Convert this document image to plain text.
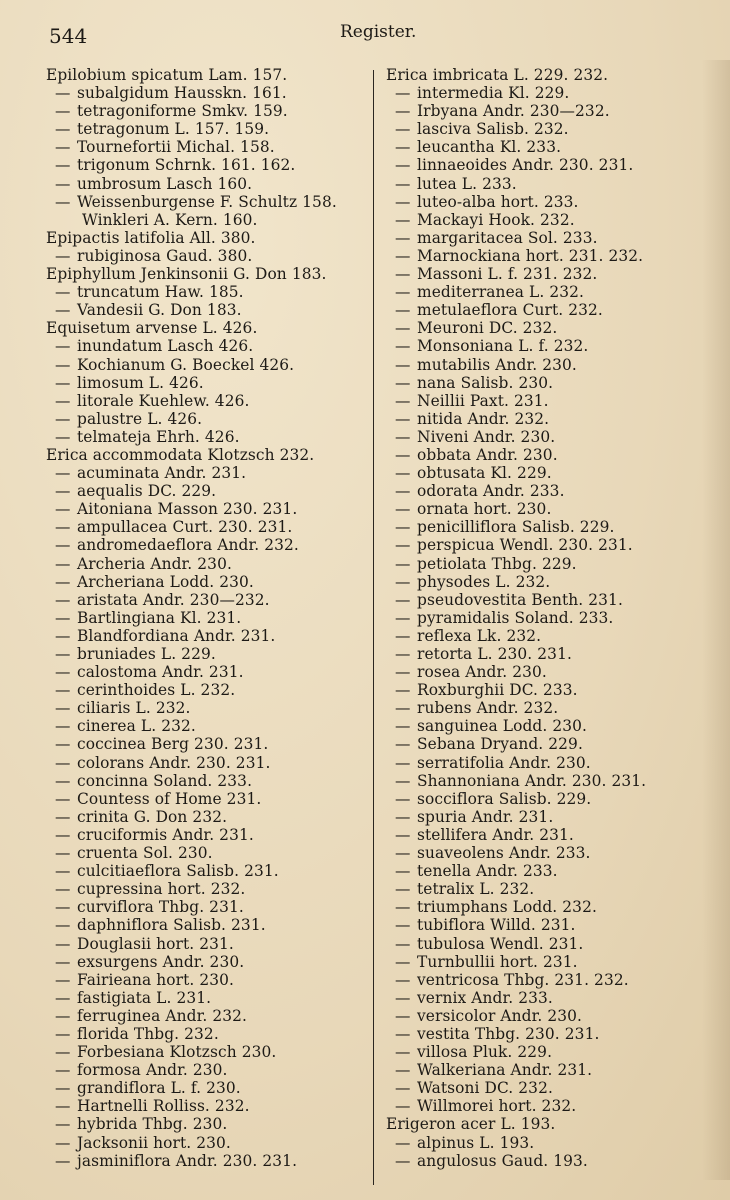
544	Register.
Epilobium spicatum Lam. 157.
— subalgidum Hausskn. 161.
— tetragoniforme Smkv. 159.
— tetragonum L. 157. 159.
— Tournefortii Michal. 158.
— trigonum Schrnk. 161. 162.
— umbrosum Lasch 160.
— Weissenburgense F. Schultz 158.
Winkleri A. Kern. 160.
Epipactis latifolia All. 380.
— rubiginosa Gaud. 380.
Epiphyllum Jenkinsonii G. Don 183.
— truncatum Haw. 185.
— Vandesii G. Don 183.
Equisetum arvense L. 426.
— inundatum Lasch 426.
— Kochianum G. Boeckel 426.
— limosum L. 426.
— litorale Kuehlew. 426.
— palustre L. 426.
— telmateja Ehrh. 426.
Erica accommodata Klotzsch 232.
— acuminata Andr. 231.
— aequalis DC. 229.
— Aitoniana Masson 230. 231.
— ampullacea Curt. 230. 231.
— andromedaeflora Andr. 232.
— Archeria Andr. 230.
— Archeriana Lodd. 230.
— aristata Andr. 230—232.
— Bartlingiana Kl. 231.
— Blandfordiana Andr. 231.
— bruniades L. 229.
— calostoma Andr. 231.
— cerinthoides L. 232.
— ciliaris L. 232.
— cinerea L. 232.
— coccinea Berg 230. 231.
— colorans Andr. 230. 231.
— concinna Soland. 233.
— Countess of Home 231.
— crinita G. Don 232.
— cruciformis Andr. 231.
— cruenta Sol. 230.
— culcitiaeflora Salisb. 231.
— cupressina hort. 232.
— curviflora Thbg. 231.
— daphniflora Salisb. 231.
— Douglasii hort. 231.
— exsurgens Andr. 230.
— Fairieana hort. 230.
— fastigiata L. 231.
— ferruginea Andr. 232.
— florida Thbg. 232.
— Forbesiana Klotzsch 230.
— formosa Andr. 230.
— grandiflora L. f. 230.
— Hartnelli Rolliss. 232.
— hybrida Thbg. 230.
— Jacksonii hort. 230.
— jasminiflora Andr. 230. 231.
Erica imbricata L. 229. 232.
— intermedia Kl. 229.
— Irbyana Andr. 230—232.
— lasciva Salisb. 232.
— leucantha Kl. 233.
— linnaeoides Andr. 230. 231.
— lutea L. 233.
— luteo-alba hort. 233.
— Mackayi Hook. 232.
— margaritacea Sol. 233.
— Marnockiana hort. 231. 232.
— Massoni L. f. 231. 232.
— mediterranea L. 232.
— metulaeflora Curt. 232.
— Meuroni DC. 232.
— Monsoniana L. f. 232.
— mutabilis Andr. 230.
— nana Salisb. 230.
— Neillii Paxt. 231.
— nitida Andr. 232.
— Niveni Andr. 230.
— obbata Andr. 230.
— obtusata Kl. 229.
— odorata Andr. 233.
— ornata hort. 230.
— penicilliflora Salisb. 229.
— perspicua Wendl. 230. 231.
— petiolata Thbg. 229.
— physodes L. 232.
— pseudovestita Benth. 231.
— pyramidalis Soland. 233.
— reflexa Lk. 232.
— retorta L. 230. 231.
— rosea Andr. 230.
— Roxburghii DC. 233.
— rubens Andr. 232.
— sanguinea Lodd. 230.
— Sebana Dryand. 229.
— serratifolia Andr. 230.
— Shannoniana Andr. 230. 231.
— socciflora Salisb. 229.
— spuria Andr. 231.
— stellifera Andr. 231.
— suaveolens Andr. 233.
— tenella Andr. 233.
— tetralix L. 232.
— triumphans Lodd. 232.
— tubiflora Willd. 231.
— tubulosa Wendl. 231.
— Turnbullii hort. 231.
— ventricosa Thbg. 231. 232.
— vernix Andr. 233.
— versicolor Andr. 230.
— vestita Thbg. 230. 231.
— villosa Pluk. 229.
— Walkeriana Andr. 231.
— Watsoni DC. 232.
— Willmorei hort. 232.
Erigeron acer L. 193.
— alpinus L. 193.
— angulosus Gaud. 193.
